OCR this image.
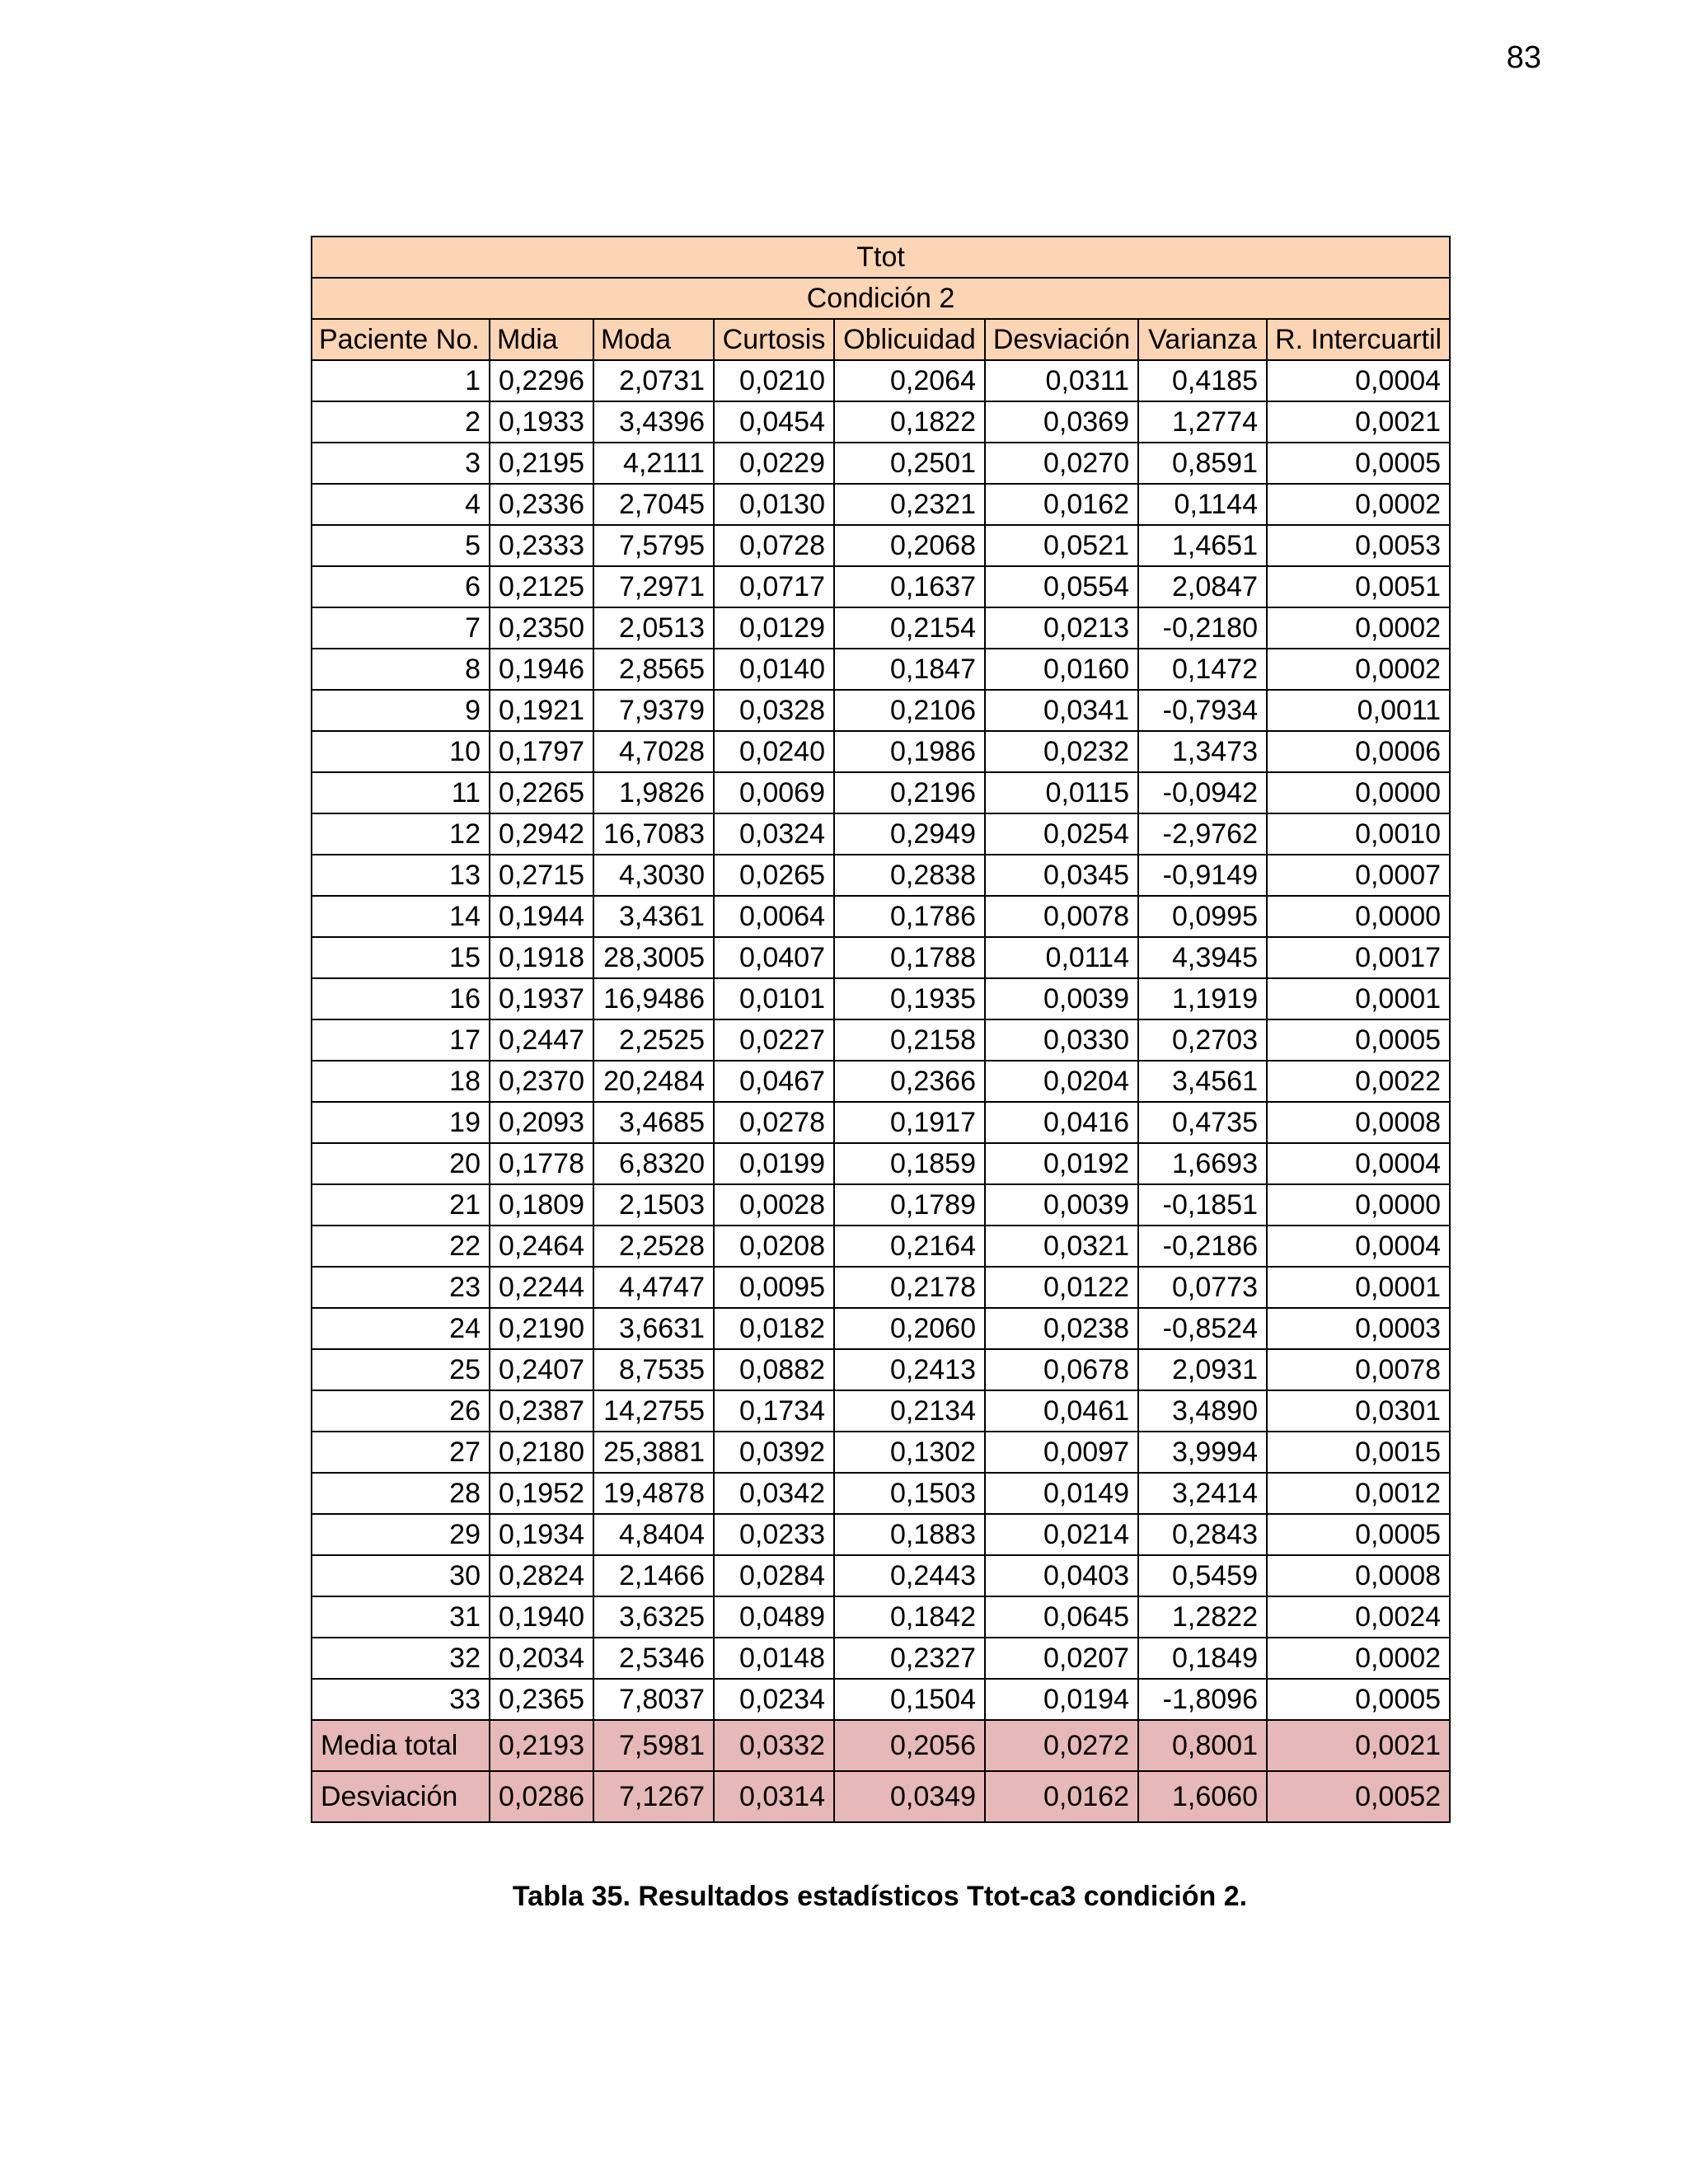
83
Ttot							
Condición 2							
Paciente No.	Mdia	Moda	Curtosis	Oblicuidad	Desviación	Varianza	R. Intercuartil
1	0,2296	2,0731	0,0210	0,2064	0,0311	0,4185	0,0004
2	0,1933	3,4396	0,0454	0,1822	0,0369	1,2774	0,0021
3	0,2195	4,2111	0,0229	0,2501	0,0270	0,8591	0,0005
4	0,2336	2,7045	0,0130	0,2321	0,0162	0,1144	0,0002
5	0,2333	7,5795	0,0728	0,2068	0,0521	1,4651	0,0053
6	0,2125	7,2971	0,0717	0,1637	0,0554	2,0847	0,0051
7	0,2350	2,0513	0,0129	0,2154	0,0213	-0,2180	0,0002
8	0,1946	2,8565	0,0140	0,1847	0,0160	0,1472	0,0002
9	0,1921	7,9379	0,0328	0,2106	0,0341	-0,7934	0,0011
10	0,1797	4,7028	0,0240	0,1986	0,0232	1,3473	0,0006
11	0,2265	1,9826	0,0069	0,2196	0,0115	-0,0942	0,0000
12	0,2942	16,7083	0,0324	0,2949	0,0254	-2,9762	0,0010
13	0,2715	4,3030	0,0265	0,2838	0,0345	-0,9149	0,0007
14	0,1944	3,4361	0,0064	0,1786	0,0078	0,0995	0,0000
15	0,1918	28,3005	0,0407	0,1788	0,0114	4,3945	0,0017
16	0,1937	16,9486	0,0101	0,1935	0,0039	1,1919	0,0001
17	0,2447	2,2525	0,0227	0,2158	0,0330	0,2703	0,0005
18	0,2370	20,2484	0,0467	0,2366	0,0204	3,4561	0,0022
19	0,2093	3,4685	0,0278	0,1917	0,0416	0,4735	0,0008
20	0,1778	6,8320	0,0199	0,1859	0,0192	1,6693	0,0004
21	0,1809	2,1503	0,0028	0,1789	0,0039	-0,1851	0,0000
22	0,2464	2,2528	0,0208	0,2164	0,0321	-0,2186	0,0004
23	0,2244	4,4747	0,0095	0,2178	0,0122	0,0773	0,0001
24	0,2190	3,6631	0,0182	0,2060	0,0238	-0,8524	0,0003
25	0,2407	8,7535	0,0882	0,2413	0,0678	2,0931	0,0078
26	0,2387	14,2755	0,1734	0,2134	0,0461	3,4890	0,0301
27	0,2180	25,3881	0,0392	0,1302	0,0097	3,9994	0,0015
28	0,1952	19,4878	0,0342	0,1503	0,0149	3,2414	0,0012
29	0,1934	4,8404	0,0233	0,1883	0,0214	0,2843	0,0005
30	0,2824	2,1466	0,0284	0,2443	0,0403	0,5459	0,0008
31	0,1940	3,6325	0,0489	0,1842	0,0645	1,2822	0,0024
32	0,2034	2,5346	0,0148	0,2327	0,0207	0,1849	0,0002
33	0,2365	7,8037	0,0234	0,1504	0,0194	-1,8096	0,0005
Media total	0,2193	7,5981	0,0332	0,2056	0,0272	0,8001	0,0021
Desviación	0,0286	7,1267	0,0314	0,0349	0,0162	1,6060	0,0052
Tabla 35. Resultados estadísticos Ttot-ca3 condición 2.
